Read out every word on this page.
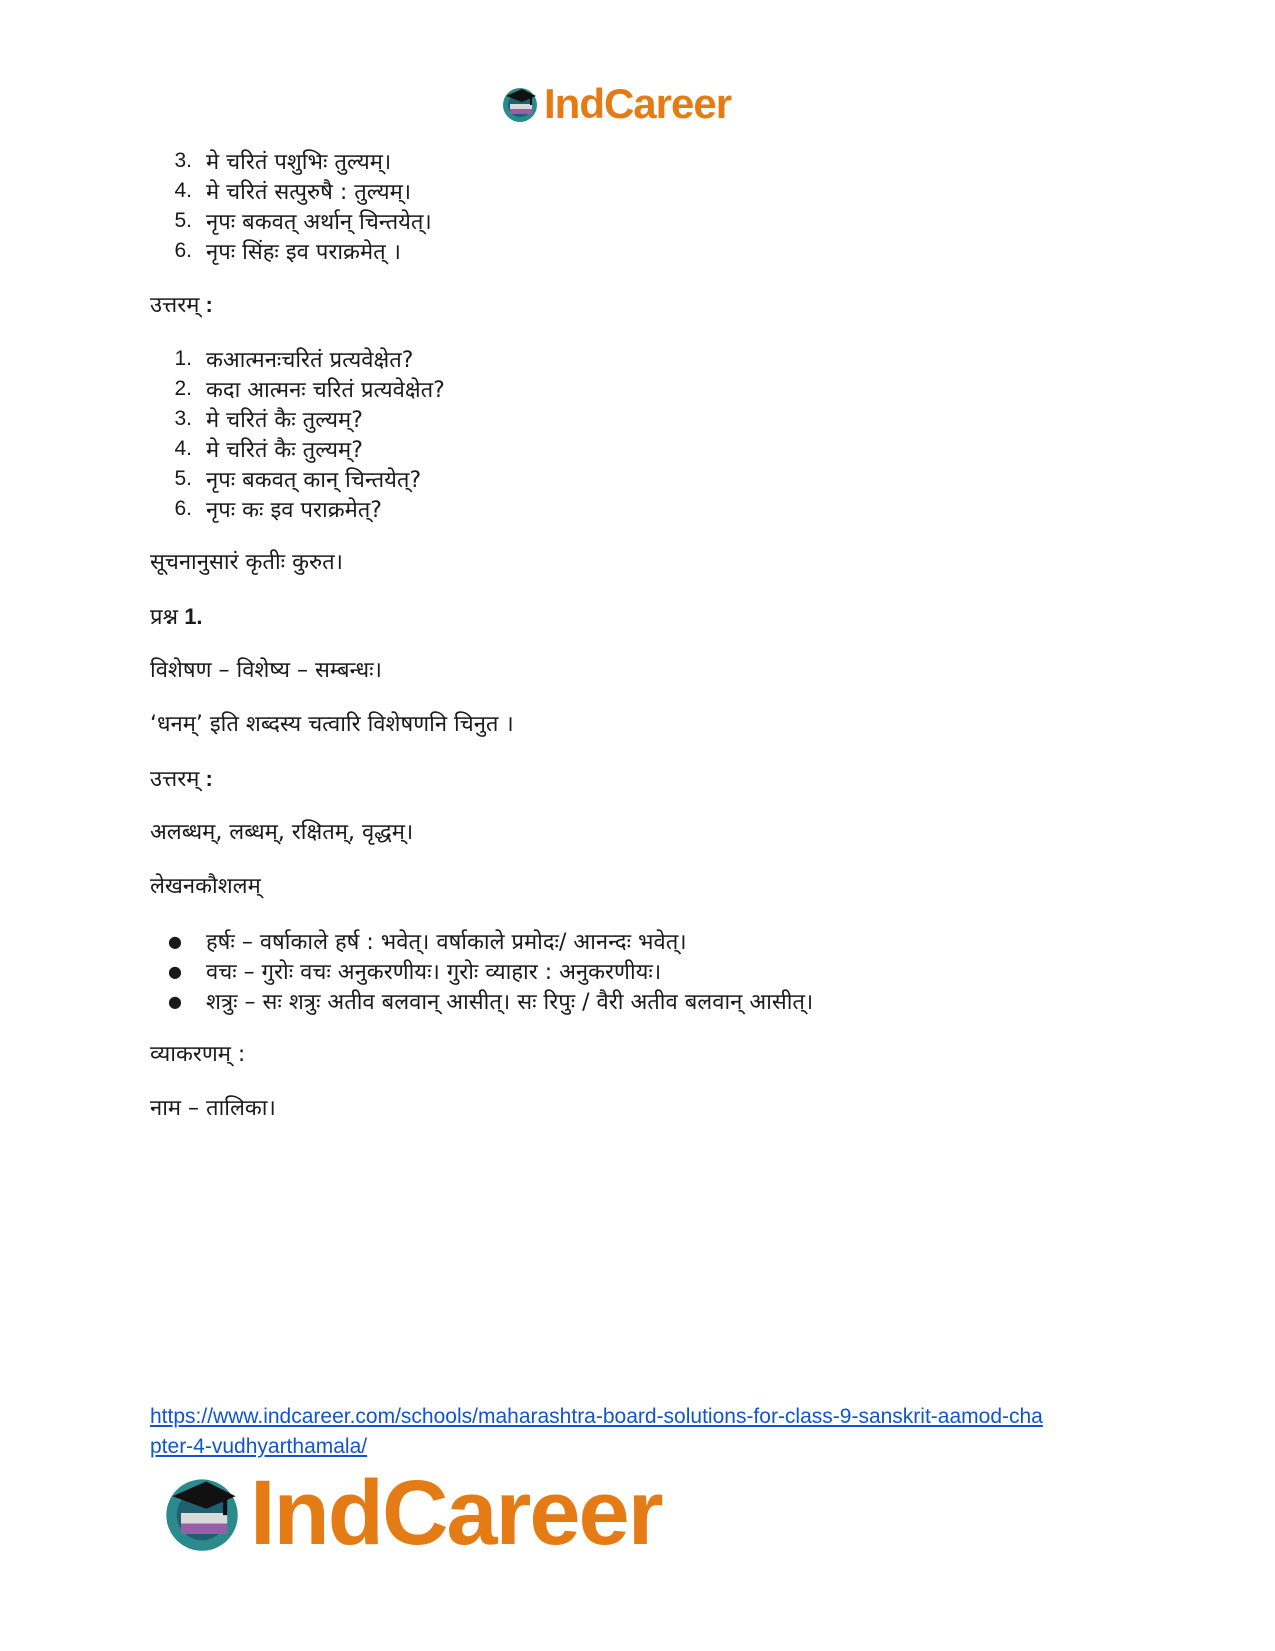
IndCareer
3. मे चरितं पशुभिः तुल्यम्।
4. मे चरितं सत्पुरुषै : तुल्यम्।
5. नृपः बकवत् अर्थान् चिन्तयेत्।
6. नृपः सिंहः इव पराक्रमेत् ।

उत्तरम् :

1. कआत्मनःचरितं प्रत्यवेक्षेत?
2. कदा आत्मनः चरितं प्रत्यवेक्षेत?
3. मे चरितं कैः तुल्यम्?
4. मे चरितं कैः तुल्यम्?
5. नृपः बकवत् कान् चिन्तयेत्?
6. नृपः कः इव पराक्रमेत्?

सूचनानुसारं कृतीः कुरुत।

प्रश्न 1.

विशेषण – विशेष्य – सम्बन्धः।

‘धनम्’ इति शब्दस्य चत्वारि विशेषणनि चिनुत ।

उत्तरम् :

अलब्धम्, लब्धम्, रक्षितम्, वृद्धम्।

लेखनकौशलम्

●	हर्षः – वर्षाकाले हर्ष : भवेत्। वर्षाकाले प्रमोदः/ आनन्दः भवेत्।
●	वचः – गुरोः वचः अनुकरणीयः। गुरोः व्याहार : अनुकरणीयः।
●	शत्रुः – सः शत्रुः अतीव बलवान् आसीत्। सः रिपुः / वैरी अतीव बलवान् आसीत्।

व्याकरणम् :

नाम – तालिका।

https://www.indcareer.com/schools/maharashtra-board-solutions-for-class-9-sanskrit-aamod-cha
pter-4-vudhyarthamala/
IndCareer
